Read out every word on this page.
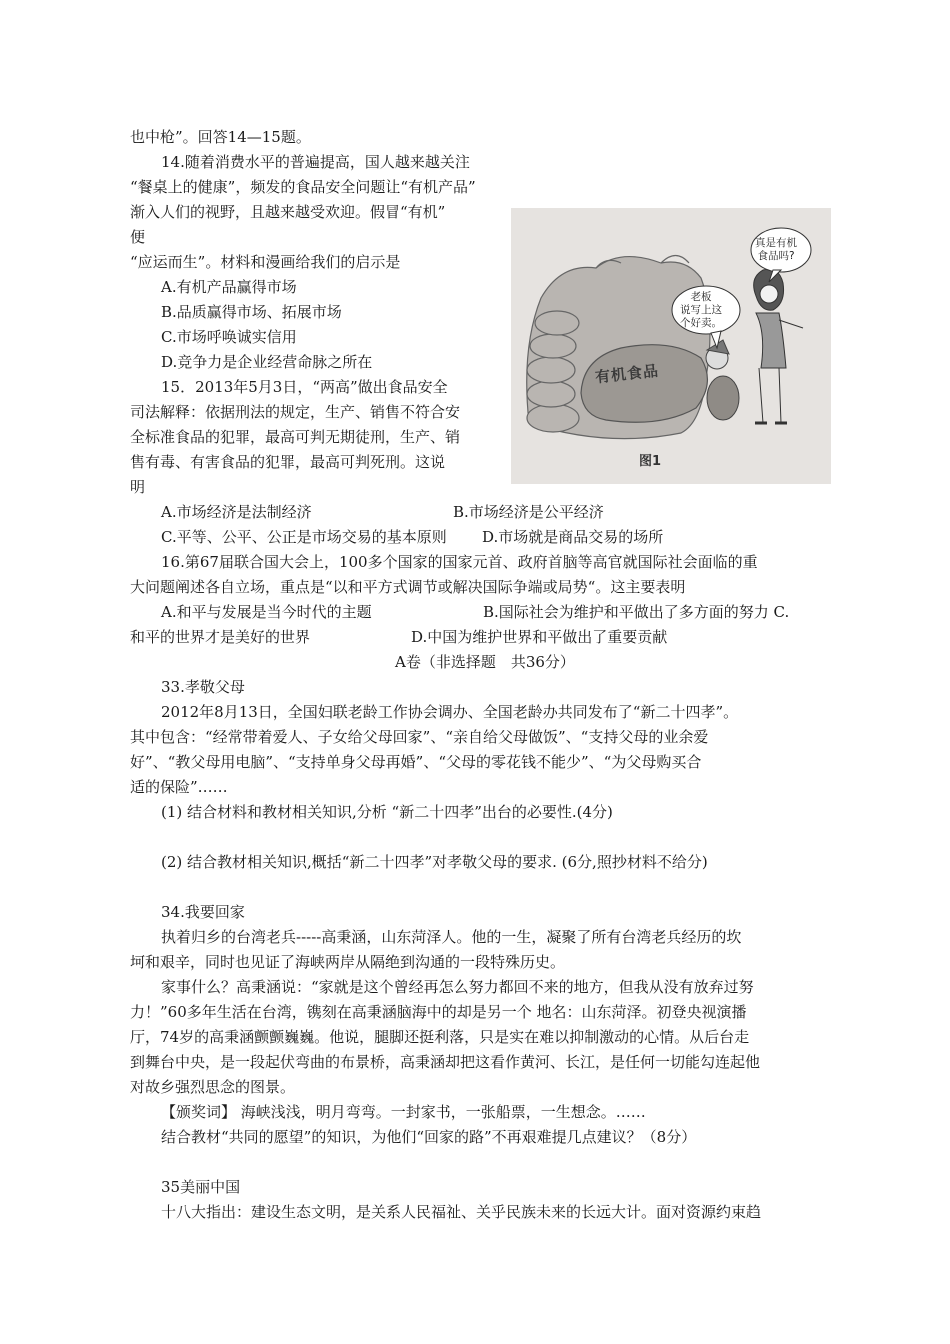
也中枪”。回答14—15题。
14.随着消费水平的普遍提高，国人越来越关注
“餐桌上的健康”，频发的食品安全问题让“有机产品”
渐入人们的视野，且越来越受欢迎。假冒“有机”
便
“应运而生”。材料和漫画给我们的启示是
A.有机产品赢得市场
B.品质赢得市场、拓展市场
C.市场呼唤诚实信用
D.竞争力是企业经营命脉之所在
15．2013年5月3日，“两高”做出食品安全
司法解释：依据刑法的规定，生产、销售不符合安
全标准食品的犯罪，最高可判无期徒刑，生产、销
售有毒、有害食品的犯罪，最高可判死刑。这说
明
A.市场经济是法制经济	B.市场经济是公平经济
C.平等、公平、公正是市场交易的基本原则 D.市场就是商品交易的场所
16.第67届联合国大会上，100多个国家的国家元首、政府首脑等高官就国际社会面临的重
大问题阐述各自立场，重点是“以和平方式调节或解决国际争端或局势“。这主要表明
A.和平与发展是当今时代的主题	B.国际社会为维护和平做出了多方面的努力 C.
和平的世界才是美好的世界	D.中国为维护世界和平做出了重要贡献
A卷（非选择题　共36分）
33.孝敬父母
2012年8月13日，全国妇联老龄工作协会调办、全国老龄办共同发布了“新二十四孝”。
其中包含：“经常带着爱人、子女给父母回家”、“亲自给父母做饭”、“支持父母的业余爱
好”、“教父母用电脑”、“支持单身父母再婚”、“父母的零花钱不能少”、“为父母购买合
适的保险”……
(1) 结合材料和教材相关知识,分析 “新二十四孝”出台的必要性.(4分)
(2) 结合教材相关知识,概括“新二十四孝”对孝敬父母的要求. (6分,照抄材料不给分)
34.我要回家
执着归乡的台湾老兵-----高秉涵，山东菏泽人。他的一生，凝聚了所有台湾老兵经历的坎
坷和艰辛，同时也见证了海峡两岸从隔绝到沟通的一段特殊历史。
家事什么？高秉涵说：“家就是这个曾经再怎么努力都回不来的地方，但我从没有放弃过努
力！”60多年生活在台湾，镌刻在高秉涵脑海中的却是另一个 地名：山东菏泽。初登央视演播
厅，74岁的高秉涵颤颤巍巍。他说，腿脚还挺利落，只是实在难以抑制激动的心情。从后台走
到舞台中央，是一段起伏弯曲的布景桥，高秉涵却把这看作黄河、长江，是任何一切能勾连起他
对故乡强烈思念的图景。
【颁奖词】 海峡浅浅，明月弯弯。一封家书，一张船票，一生想念。……
结合教材“共同的愿望”的知识，为他们“回家的路”不再艰难提几点建议？（8分）
35美丽中国
十八大指出：建设生态文明，是关系人民福祉、关乎民族未来的长远大计。面对资源约束趋
真是有机
食品吗?
老板
说写上这
个好卖。
有机食品
图1
